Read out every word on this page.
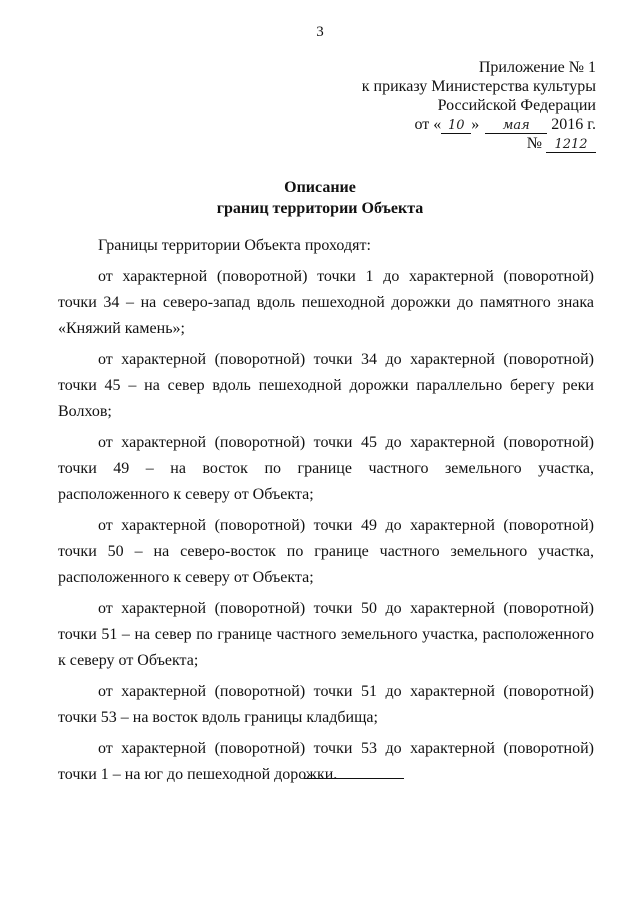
3
Приложение № 1
к приказу Министерства культуры
Российской Федерации
от « 10 » мая 2016 г.
№ 1212
Описание
границ территории Объекта

Границы территории Объекта проходят:

от характерной (поворотной) точки 1 до характерной (поворотной) точки 34 – на северо-запад вдоль пешеходной дорожки до памятного знака «Княжий камень»;

от характерной (поворотной) точки 34 до характерной (поворотной) точки 45 – на север вдоль пешеходной дорожки параллельно берегу реки Волхов;

от характерной (поворотной) точки 45 до характерной (поворотной) точки 49 – на восток по границе частного земельного участка, расположенного к северу от Объекта;

от характерной (поворотной) точки 49 до характерной (поворотной) точки 50 – на северо-восток по границе частного земельного участка, расположенного к северу от Объекта;

от характерной (поворотной) точки 50 до характерной (поворотной) точки 51 – на север по границе частного земельного участка, расположенного к северу от Объекта;

от характерной (поворотной) точки 51 до характерной (поворотной) точки 53 – на восток вдоль границы кладбища;

от характерной (поворотной) точки 53 до характерной (поворотной) точки 1 – на юг до пешеходной дорожки.
